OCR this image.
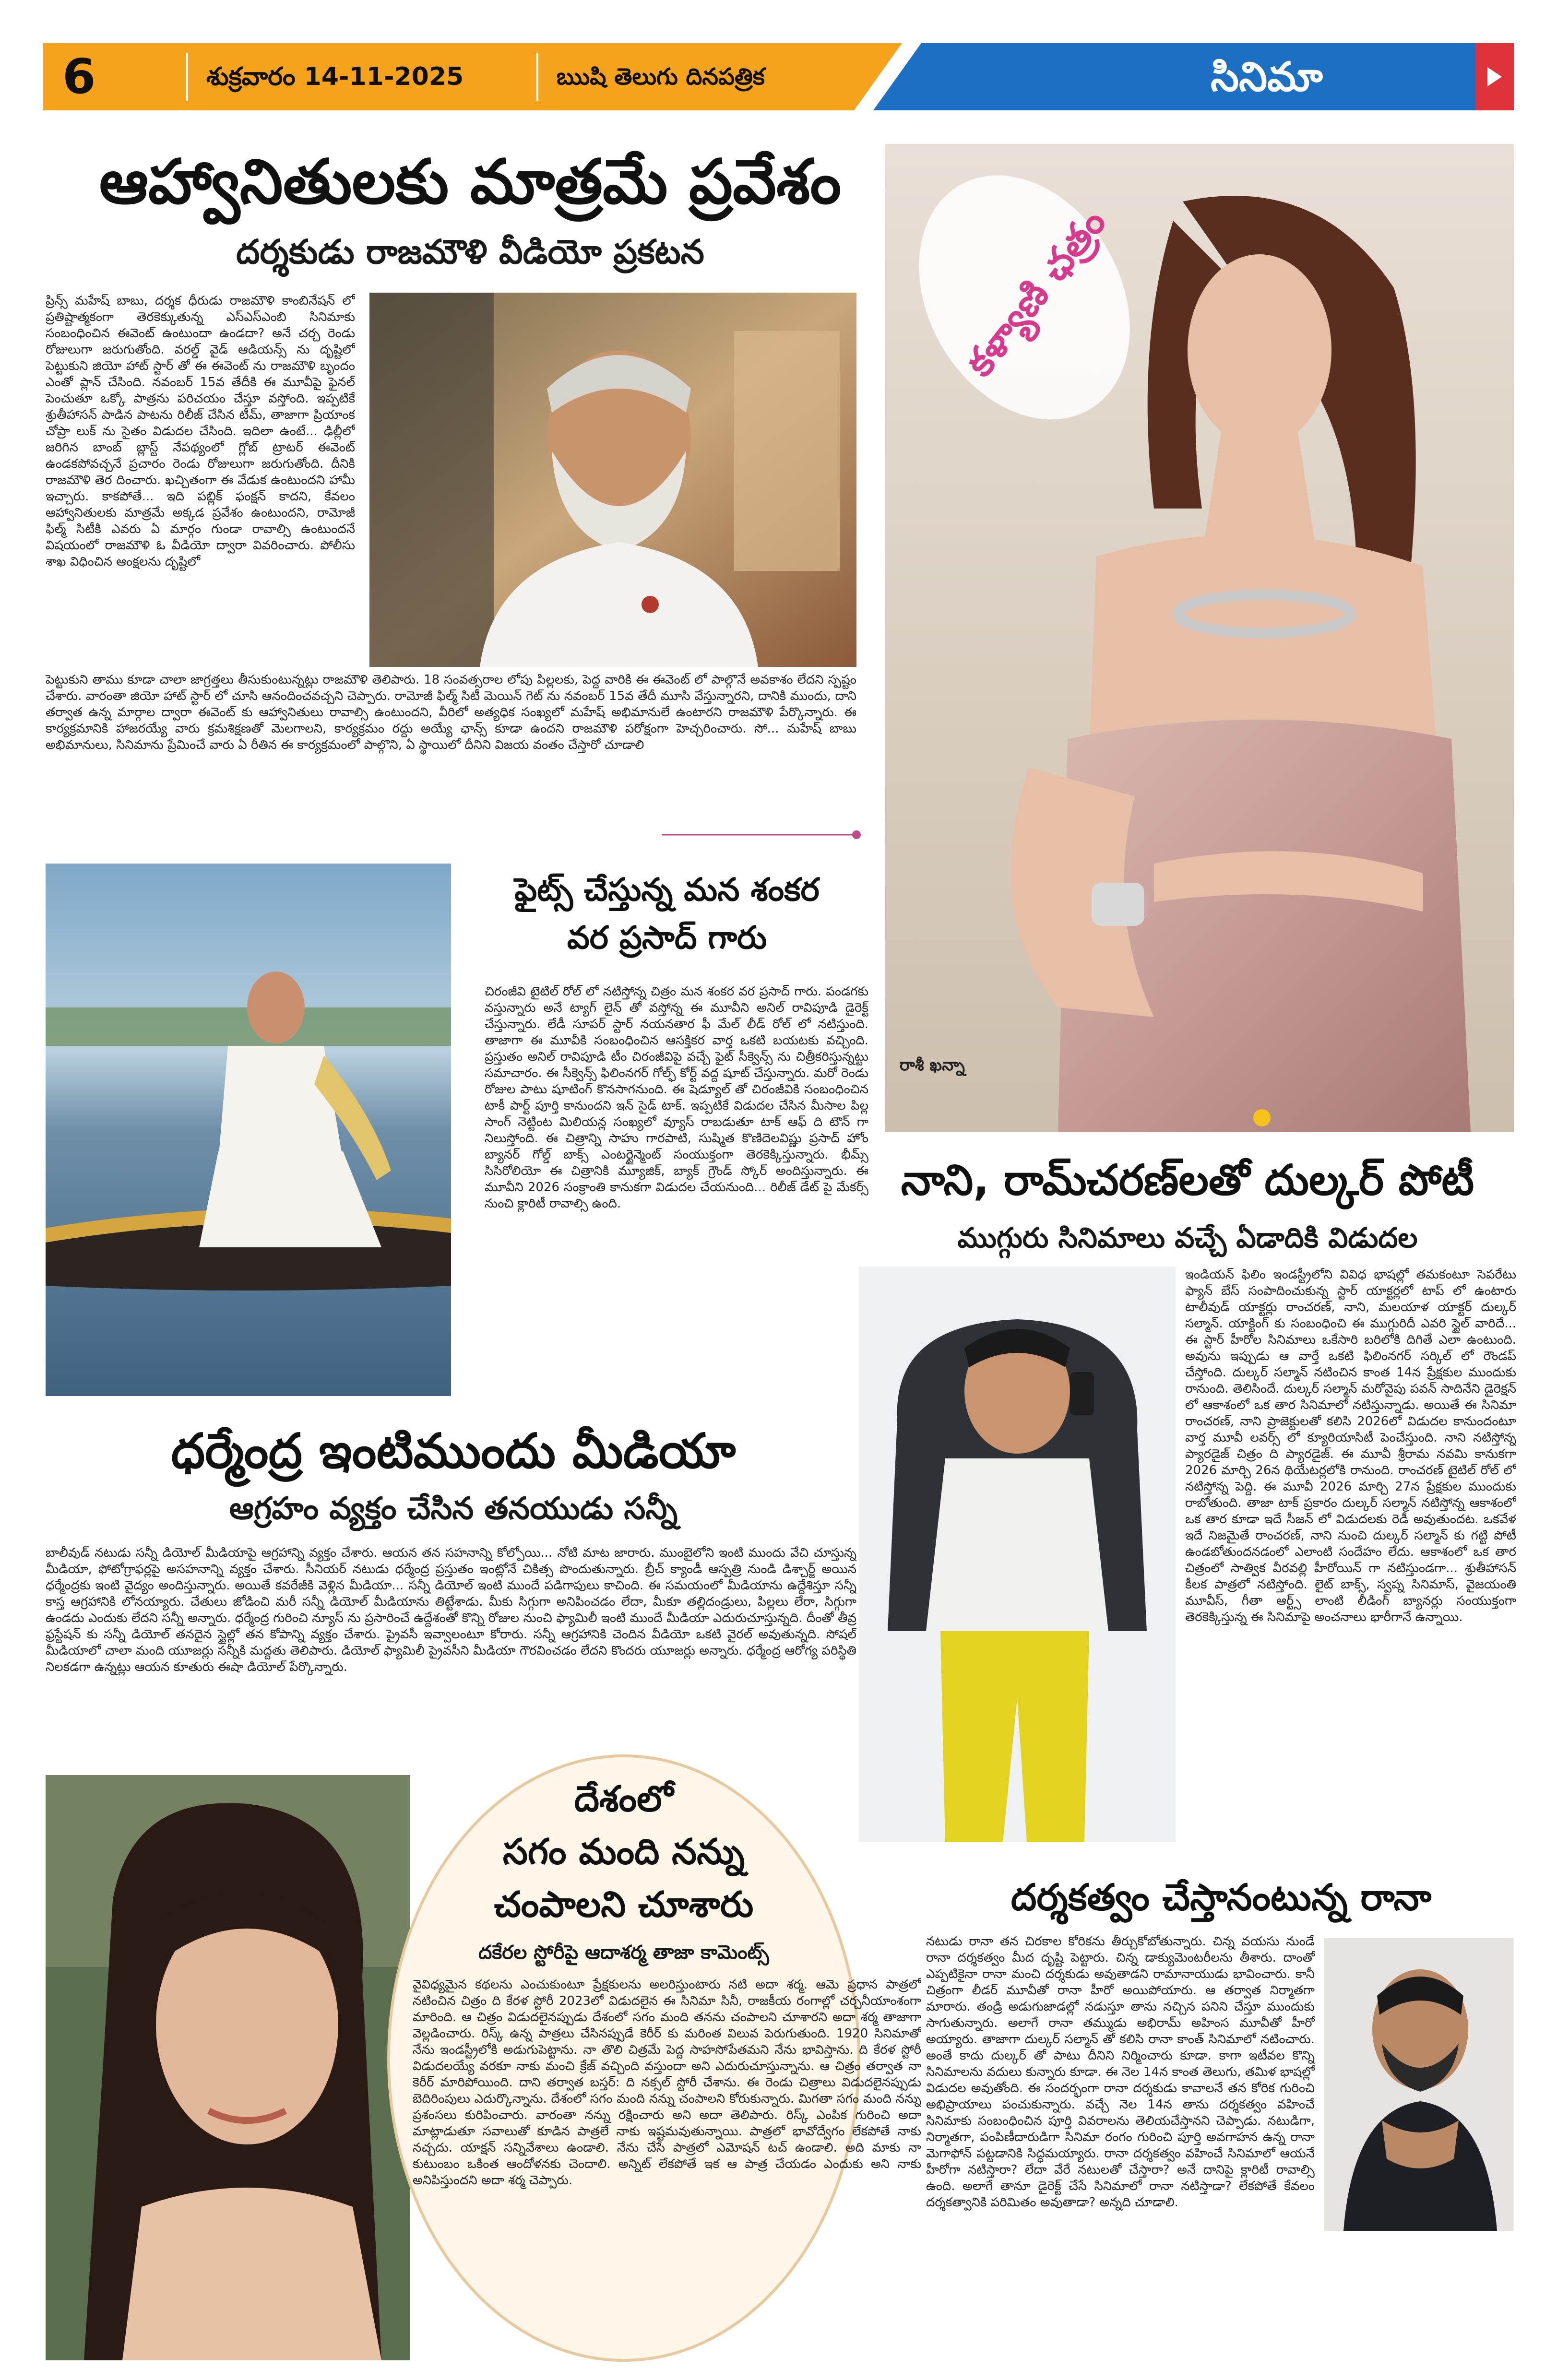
6	శుక్రవారం 14-11-2025	ఋషి తెలుగు దినపత్రిక	సినిమా
ఆహ్వానితులకు మాత్రమే ప్రవేశం
దర్శకుడు రాజమౌళి వీడియో ప్రకటన
ప్రిన్స్ మహేష్ బాబు, దర్శక ధీరుడు రాజమౌళి కాంబినేషన్ లో ప్రతిష్టాత్మకంగా తెరకెక్కుతున్న ఎస్ఎస్ఎంబి సినిమాకు సంబంధించిన ఈవెంట్ ఉంటుందా ఉండదా? అనే చర్చ రెండు రోజులుగా జరుగుతోంది. వరల్డ్ వైడ్ ఆడియన్స్ ను దృష్టిలో పెట్టుకుని జియో హాట్ స్టార్ తో ఈ ఈవెంట్ ను రాజమౌళి బృందం ఎంతో ప్లాన్ చేసింది. నవంబర్ 15వ తేదీకి ఈ మూవీపై ఫైనల్ పెంచుతూ ఒక్కో పాత్రను పరిచయం చేస్తూ వస్తోంది. ఇప్పటికే శ్రుతీహాసన్ పాడిన పాటను రిలీజ్ చేసిన టీమ్, తాజాగా ప్రియాంక చోప్రా లుక్ ను సైతం విడుదల చేసింది. ఇదిలా ఉంటే... ఢిల్లీలో జరిగిన బాంబ్ బ్లాస్ట్ నేపథ్యంలో గ్లోబ్ ట్రాటర్ ఈవెంట్ ఉండకపోవచ్చనే ప్రచారం రెండు రోజులుగా జరుగుతోంది. దీనికి రాజమౌళి తెర దించారు. ఖచ్చితంగా ఈ వేడుక ఉంటుందని హామీ ఇచ్చారు. కాకపోతే... ఇది పబ్లిక్ ఫంక్షన్ కాదని, కేవలం ఆహ్వానితులకు మాత్రమే అక్కడ ప్రవేశం ఉంటుందని, రామోజీ ఫిల్మ్ సిటీకి ఎవరు ఏ మార్గం గుండా రావాల్సి ఉంటుందనే విషయంలో రాజమౌళి ఓ వీడియో ద్వారా వివరించారు. పోలీసు శాఖ విధించిన ఆంక్షలను దృష్టిలో
పెట్టుకుని తాము కూడా చాలా జాగ్రత్తలు తీసుకుంటున్నట్లు రాజమౌళి తెలిపారు. 18 సంవత్సరాల లోపు పిల్లలకు, పెద్ద వారికి ఈ ఈవెంట్ లో పాల్గొనే అవకాశం లేదని స్పష్టం చేశారు. వారంతా జియో హాట్ స్టార్ లో చూసి ఆనందించవచ్చని చెప్పారు. రామోజీ ఫిల్మ్ సిటీ మెయిన్ గెట్ ను నవంబర్ 15వ తేదీ మూసి వేస్తున్నారని, దానికి ముందు, దాని తర్వాత ఉన్న మార్గాల ద్వారా ఈవెంట్ కు ఆహ్వానితులు రావాల్సి ఉంటుందని, వీరిలో అత్యధిక సంఖ్యలో మహేష్ అభిమానులే ఉంటారని రాజమౌళి పేర్కొన్నారు. ఈ కార్యక్రమానికి హాజరయ్యే వారు క్రమశిక్షణతో మెలగాలని, కార్యక్రమం రద్దు అయ్యే ఛాన్స్ కూడా ఉందని రాజమౌళి పరోక్షంగా హెచ్చరించారు. సో... మహేష్ బాబు అభిమానులు, సినిమాను ప్రేమించే వారు ఏ రీతిన ఈ కార్యక్రమంలో పాల్గొని, ఏ స్థాయిలో దీనిని విజయ వంతం చేస్తారో చూడాలి
కళ్యాణి ఛత్రం
రాశీ ఖన్నా
ఫైట్స్ చేస్తున్న మన శంకర
వర ప్రసాద్ గారు
చిరంజీవి టైటిల్ రోల్ లో నటిస్తోన్న చిత్రం మన శంకర వర ప్రసాద్ గారు. పండగకు వస్తున్నారు అనే ట్యాగ్ లైన్ తో వస్తోన్న ఈ మూవీని అనిల్ రావిపూడి డైరెక్ట్ చేస్తున్నారు. లేడీ సూపర్ స్టార్ నయనతార ఫీ మేల్ లీడ్ రోల్ లో నటిస్తుంది. తాజాగా ఈ మూవీకి సంబంధించిన ఆసక్తికర వార్త ఒకటి బయటకు వచ్చింది. ప్రస్తుతం అనిల్ రావిపూడి టీం చిరంజీవిపై వచ్చే ఫైట్ సీక్వెన్స్ ను చిత్రీకరిస్తున్నట్టు సమాచారం. ఈ సీక్వెన్స్ ఫిలింనగర్ గోల్ఫ్ కోర్ట్ వద్ద షూట్ చేస్తున్నారు. మరో రెండు రోజుల పాటు షూటింగ్ కొనసాగనుంది. ఈ షెడ్యూల్ తో చిరంజీవికి సంబంధించిన టాకీ పార్ట్ పూర్తి కానుందని ఇన్ సైడ్ టాక్. ఇప్పటికే విడుదల చేసిన మీసాల పిల్ల సాంగ్ నెట్టింట మిలియన్ల సంఖ్యలో వ్యూస్ రాబడుతూ టాక్ ఆఫ్ ది టౌన్ గా నిలుస్తోంది. ఈ చిత్రాన్ని సాహు గారపాటి, సుష్మిత కొణిదెలవిష్ణు ప్రసాద్ హోం బ్యానర్ గోల్డ్ బాక్స్ ఎంటర్టైన్మెంట్ సంయుక్తంగా తెరకెక్కిస్తున్నారు. భీమ్స్ సిసిరోలియో ఈ చిత్రానికి మ్యూజిక్, బ్యాక్ గ్రౌండ్ స్కోర్ అందిస్తున్నారు. ఈ మూవీని 2026 సంక్రాంతి కానుకగా విడుదల చేయనుంది... రిలీజ్ డేట్ పై మేకర్స్ నుంచి క్లారిటీ రావాల్సి ఉంది.	నాని, రామ్‌చరణ్‌లతో దుల్కర్ పోటీ
ముగ్గురు సినిమాలు వచ్చే ఏడాదికి విడుదల
ఇండియన్ ఫిలిం ఇండస్ట్రీలోని వివిధ భాషల్లో తమకంటూ సెపరేటు ఫ్యాన్ బేస్ సంపాదించుకున్న స్టార్ యాక్టర్లలో టాప్ లో ఉంటారు టాలీవుడ్ యాక్టర్లు రాంచరణ్, నాని, మలయాళ యాక్టర్ దుల్కర్ సల్మాన్. యాక్టింగ్ కు సంబంధించి ఈ ముగ్గురిదీ ఎవరి స్టైల్ వారిదే... ఈ స్టార్ హీరోల సినిమాలు ఒకేసారి బరిలోకి దిగితే ఎలా ఉంటుంది. అవును ఇప్పుడు ఆ వార్తే ఒకటి ఫిలింనగర్ సర్కిల్ లో రౌండప్ చేస్తోంది. దుల్కర్ సల్మాన్ నటించిన కాంత 14న ప్రేక్షకుల ముందుకు రానుంది. తెలిసిందే. దుల్కర్ సల్మాన్ మరోవైపు పవన్ సాదినేని డైరెక్షన్ లో ఆకాశంలో ఒక తార సినిమాలో నటిస్తున్నాడు. అయితే ఈ సినిమా రాంచరణ్, నాని ప్రాజెక్టులతో కలిసి 2026లో విడుదల కానుందంటూ వార్త మూవీ లవర్స్ లో క్యూరియాసిటీ పెంచేస్తుంది. నాని నటిస్తోన్న ప్యారడైజ్ చిత్రం ది ప్యారడైజ్. ఈ మూవీ శ్రీరామ నవమి కానుకగా 2026 మార్చి 26న థియేటర్లలోకి రానుంది. రాంచరణ్ టైటిల్ రోల్ లో నటిస్తోన్న పెద్ది. ఈ మూవీ 2026 మార్చి 27న ప్రేక్షకుల ముందుకు రాబోతుంది. తాజా టాక్ ప్రకారం దుల్కర్ సల్మాన్ నటిస్తోన్న ఆకాశంలో ఒక తార కూడా ఇదే సీజన్ లో విడుదలకు రెడీ అవుతుందట. ఒకవేళ ఇదే నిజమైతే రాంచరణ్, నాని నుంచి దుల్కర్ సల్మాన్ కు గట్టి పోటీ ఉండబోతుందనడంలో ఎలాంటి సందేహం లేదు. ఆకాశంలో ఒక తార చిత్రంలో సాత్విక వీరవల్లి హీరోయిన్ గా నటిస్తుండగా... శ్రుతీహాసన్ కీలక పాత్రలో నటిస్తోంది. లైట్ బాక్స్, స్వప్న సినిమాస్, వైజయంతి మూవీస్, గీతా ఆర్ట్స్ లాంటి లీడింగ్ బ్యానర్లు సంయుక్తంగా తెరకెక్కిస్తున్న ఈ సినిమాపై అంచనాలు భారీగానే ఉన్నాయి.
ధర్మేంద్ర ఇంటిముందు మీడియా
ఆగ్రహం వ్యక్తం చేసిన తనయుడు సన్నీ
బాలీవుడ్ నటుడు సన్నీ డియోల్ మీడియాపై ఆగ్రహాన్ని వ్యక్తం చేశారు. ఆయన తన సహనాన్ని కోల్పోయి... నోటి మాట జారారు. ముంబైలోని ఇంటి ముందు వేచి చూస్తున్న మీడియా, ఫోటోగ్రాఫర్లపై అసహనాన్ని వ్యక్తం చేశారు. సీనియర్ నటుడు ధర్మేంద్ర ప్రస్తుతం ఇంట్లోనే చికిత్స పొందుతున్నారు. బ్రీచ్ క్యాండీ ఆస్పత్రి నుండి డిశ్చార్జ్ అయిన ధర్మేంద్రకు ఇంటి వైద్యం అందిస్తున్నారు. అయితే కవరేజీకి వెళ్లిన మీడియా... సన్నీ డియోల్ ఇంటి ముందే పడిగాపులు కాచింది. ఈ సమయంలో మీడియాను ఉద్దేశిస్తూ సన్నీ కాస్త ఆగ్రహానికి లోనయ్యారు. చేతులు జోడించి మరీ సన్నీ డియోల్ మీడియాను తిట్టేశాడు. మీకు సిగ్గుగా అనిపించడం లేదా, మీకూ తల్లిదండ్రులు, పిల్లలు లేరా, సిగ్గుగా ఉండదు ఎందుకు లేదని సన్నీ అన్నారు. ధర్మేంద్ర గురించి న్యూస్ ను ప్రసారించే ఉద్దేశంతో కొన్ని రోజుల నుంచి ఫ్యామిలీ ఇంటి ముందే మీడియా ఎదురుచూస్తున్నది. దీంతో తీవ్ర ఫ్రస్టేషన్ కు సన్నీ డియోల్ తనదైన స్టైల్లో తన కోపాన్ని వ్యక్తం చేశారు. ప్రైవసీ ఇవ్వాలంటూ కోరారు. సన్నీ ఆగ్రహానికి చెందిన వీడియో ఒకటి వైరల్ అవుతున్నది. సోషల్ మీడియాలో చాలా మంది యూజర్లు సన్నీకి మద్దతు తెలిపారు. డియోల్ ఫ్యామిలీ ప్రైవసీని మీడియా గౌరవించడం లేదని కొందరు యూజర్లు అన్నారు. ధర్మేంద్ర ఆరోగ్య పరిస్థితి నిలకడగా ఉన్నట్లు ఆయన కూతురు ఈషా డియోల్ పేర్కొన్నారు.
దేశంలో
సగం మంది నన్ను
చంపాలని చూశారు
దకేరల స్టోరీపై ఆదాశర్మ తాజా కామెంట్స్
వైవిధ్యమైన కథలను ఎంచుకుంటూ ప్రేక్షకులను అలరిస్తుంటారు నటి అదా శర్మ. ఆమె ప్రధాన పాత్రలో నటించిన చిత్రం ది కేరళ స్టోరీ 2023లో విడుదలైన ఈ సినిమా సినీ, రాజకీయ రంగాల్లో చర్చనీయాంశంగా మారింది. ఆ చిత్రం విడుదలైనప్పుడు దేశంలో సగం మంది తనను చంపాలని చూశారని అదా శర్మ తాజాగా వెల్లడించారు. రిస్క్ ఉన్న పాత్రలు చేసినప్పుడే కెరీర్ కు మరింత విలువ పెరుగుతుంది. 1920 సినిమాతో నేను ఇండస్ట్రీలోకి అడుగుపెట్టాను. నా తొలి చిత్రమే పెద్ద సాహసోపేతమని నేను భావిస్తాను. ది కేరళ స్టోరీ విడుదలయ్యే వరకూ నాకు మంచి క్రేజ్ వచ్చింది వస్తుందా అని ఎదురుచూస్తున్నాను. ఆ చిత్రం తర్వాత నా కెరీర్ మారిపోయింది. దాని తర్వాత బస్తర్: ది నక్సల్ స్టోరీ చేశాను. ఈ రెండు చిత్రాలు విడుదలైనప్పుడు బెదిరింపులు ఎదుర్కొన్నాను. దేశంలో సగం మంది నన్ను చంపాలని కోరుకున్నారు. మిగతా సగం మంది నన్ను ప్రశంసలు కురిపించారు. వారంతా నన్ను రక్షించారు అని అదా తెలిపారు. రిస్క్ ఎంపిక గురించి అదా మాట్లాడుతూ సవాలుతో కూడిన పాత్రలే నాకు ఇష్టమవుతున్నాయి. పాత్రలో భావోద్వేగం లేకపోతే నాకు నచ్చదు. యాక్షన్ సన్నివేశాలు ఉండాలి. నేను చేసే పాత్రలో ఎమోషన్ టచ్ ఉండాలి. అది మాకు నా కుటుంబం ఒకింత ఆందోళనకు చెందాలి. అన్నిట్ లేకపోతే ఇక ఆ పాత్ర చేయడం ఎందుకు అని నాకు అనిపిస్తుందని అదా శర్మ చెప్పారు.
దర్శకత్వం చేస్తానంటున్న రానా
నటుడు రానా తన చిరకాల కోరికను తీర్చుకోబోతున్నారు. చిన్న వయసు నుండే రానా దర్శకత్వం మీద దృష్టి పెట్టారు. చిన్న డాక్యుమెంటరీలను తీశారు. దాంతో ఎప్పటికైనా రానా మంచి దర్శకుడు అవుతాడని రామానాయుడు భావించారు. కానీ చిత్రంగా లీడర్ మూవీతో రానా హీరో అయిపోయారు. ఆ తర్వాత నిర్మాతగా మారారు. తండ్రి అడుగుజాడల్లో నడుస్తూ తాను నచ్చిన పనిని చేస్తూ ముందుకు సాగుతున్నారు. అలాగే రానా తమ్ముడు అభిరామ్ అహింస మూవీతో హీరో అయ్యారు. తాజాగా దుల్కర్ సల్మాన్ తో కలిసి రానా కాంత్ సినిమాలో నటించారు. అంతే కాదు దుల్కర్ తో పాటు దీనిని నిర్మించారు కూడా. కాగా ఇటీవల కొన్ని సినిమాలను వదులు కున్నారు కూడా. ఈ నెల 14న కాంత తెలుగు, తమిళ భాషల్లో విడుదల అవుతోంది. ఈ సందర్భంగా రానా దర్శకుడు కావాలనే తన కోరిక గురించి అభిప్రాయాలు పంచుకున్నారు. వచ్చే నెల 14న తాను దర్శకత్వం వహించే సినిమాకు సంబంధించిన పూర్తి వివరాలను తెలియచేస్తానని చెప్పాడు. నటుడిగా, నిర్మాతగా, పంపిణీదారుడిగా సినిమా రంగం గురించి పూర్తి అవగాహన ఉన్న రానా మెగాఫోన్ పట్టడానికి సిద్ధమయ్యారు. రానా దర్శకత్వం వహించే సినిమాలో ఆయనే హీరోగా నటిస్తారా? లేదా వేరే నటులతో చేస్తారా? అనే దానిపై క్లారిటీ రావాల్సి ఉంది. అలాగే తానూ డైరెక్ట్ చేసే సినిమాలో రానా నటిస్తాడా? లేకపోతే కేవలం దర్శకత్వానికి పరిమితం అవుతాడా? అన్నది చూడాలి.
